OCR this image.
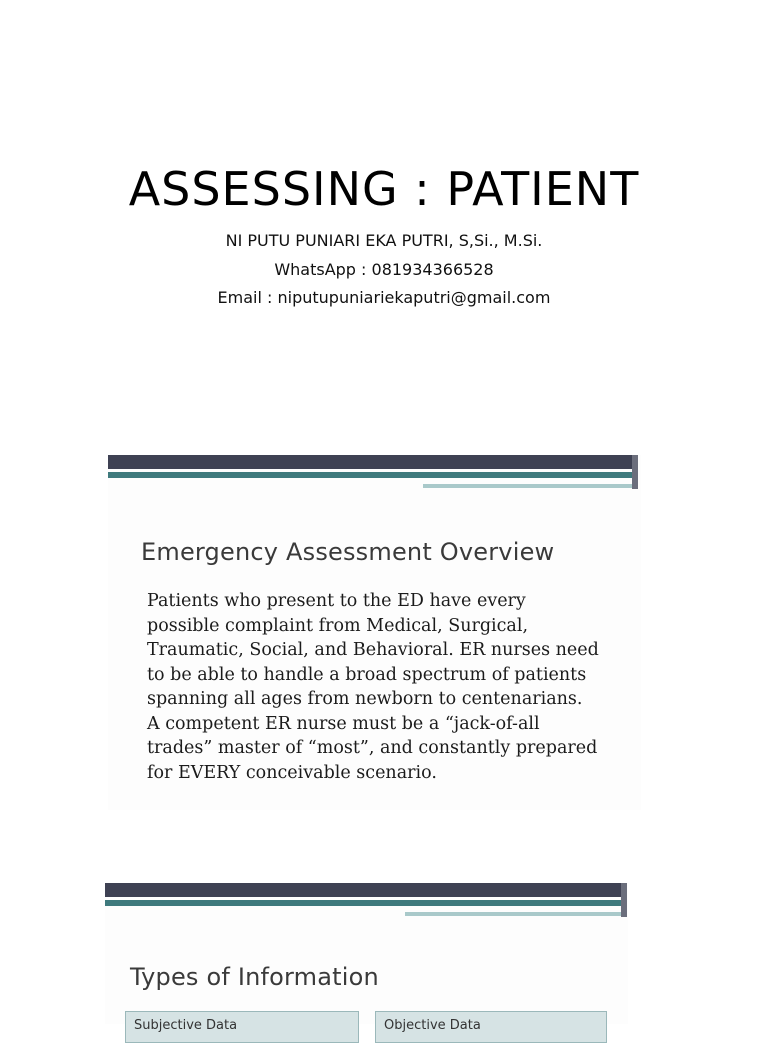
ASSESSING : PATIENT
NI PUTU PUNIARI EKA PUTRI, S,Si., M.Si.
WhatsApp : 081934366528
Email : niputupuniariekaputri@gmail.com
Emergency Assessment Overview
Patients who present to the ED have every
possible complaint from Medical, Surgical,
Traumatic, Social, and Behavioral. ER nurses need
to be able to handle a broad spectrum of patients
spanning all ages from newborn to centenarians.
A competent ER nurse must be a “jack-of-all
trades” master of “most”, and constantly prepared
for EVERY conceivable scenario.
Types of Information
Subjective Data	Objective Data
